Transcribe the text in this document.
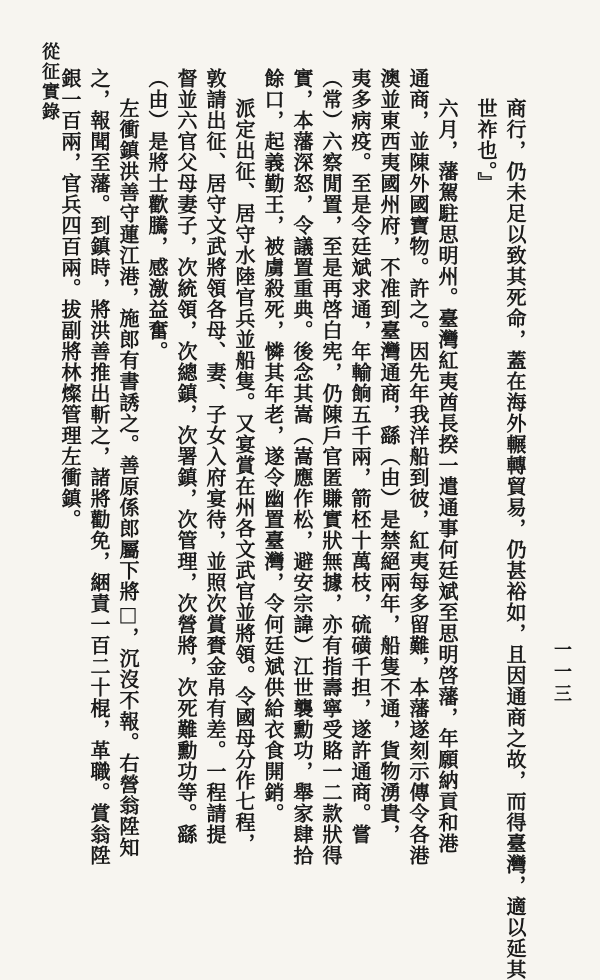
從征實錄
商行，仍未足以致其死命，蓋在海外輾轉貿易，仍甚裕如，且因通商之故，而得臺灣，適以延其
世祚也。』
六月，藩駕駐思明州。臺灣紅夷酋長揆一遣通事何廷斌至思明啓藩，年願納貢和港
通商，並陳外國寶物。許之。因先年我洋船到彼，紅夷每多留難，本藩遂刻示傳令各港
澳並東西夷國州府，不准到臺灣通商，繇（由）是禁絕兩年，船隻不通，貨物湧貴，
夷多病疫。至是令廷斌求通，年輸餉五千兩，箭柸十萬枝，硫磺千担，遂許通商。嘗
（常）六察閒置，至是再啓白宪，仍陳戶官匿賺實狀無據，亦有指壽寧受賂一二款狀得
實，本藩深怒，令議置重典。後念其嵩（嵩應作松，避安宗諱）江世襲勳功，舉家肆拾
餘口，起義勤王，被虜殺死，憐其年老，遂令幽置臺灣，令何廷斌供給衣食開銷。
派定出征、居守水陸官兵並船隻。又宴賞在州各文武官並將領。令國母分作七程，
敦請出征、居守文武將領各母、妻、子女入府宴待，並照次賞賚金帛有差。一程請提
督並六官父母妻子，次統領，次總鎮，次署鎮，次管理，次營將，次死難勳功等。繇
（由）是將士歡騰，感激益奮。
左衝鎮洪善守蓮江港，施郎有書誘之。善原係郎屬下將□，沉沒不報。右營翁陞知
之，報聞至藩。到鎮時，將洪善推出斬之，諸將勸免，綑責一百二十棍，革職。賞翁陞
銀一百兩，官兵四百兩。拔副將林燦管理左衝鎮。
一一三
